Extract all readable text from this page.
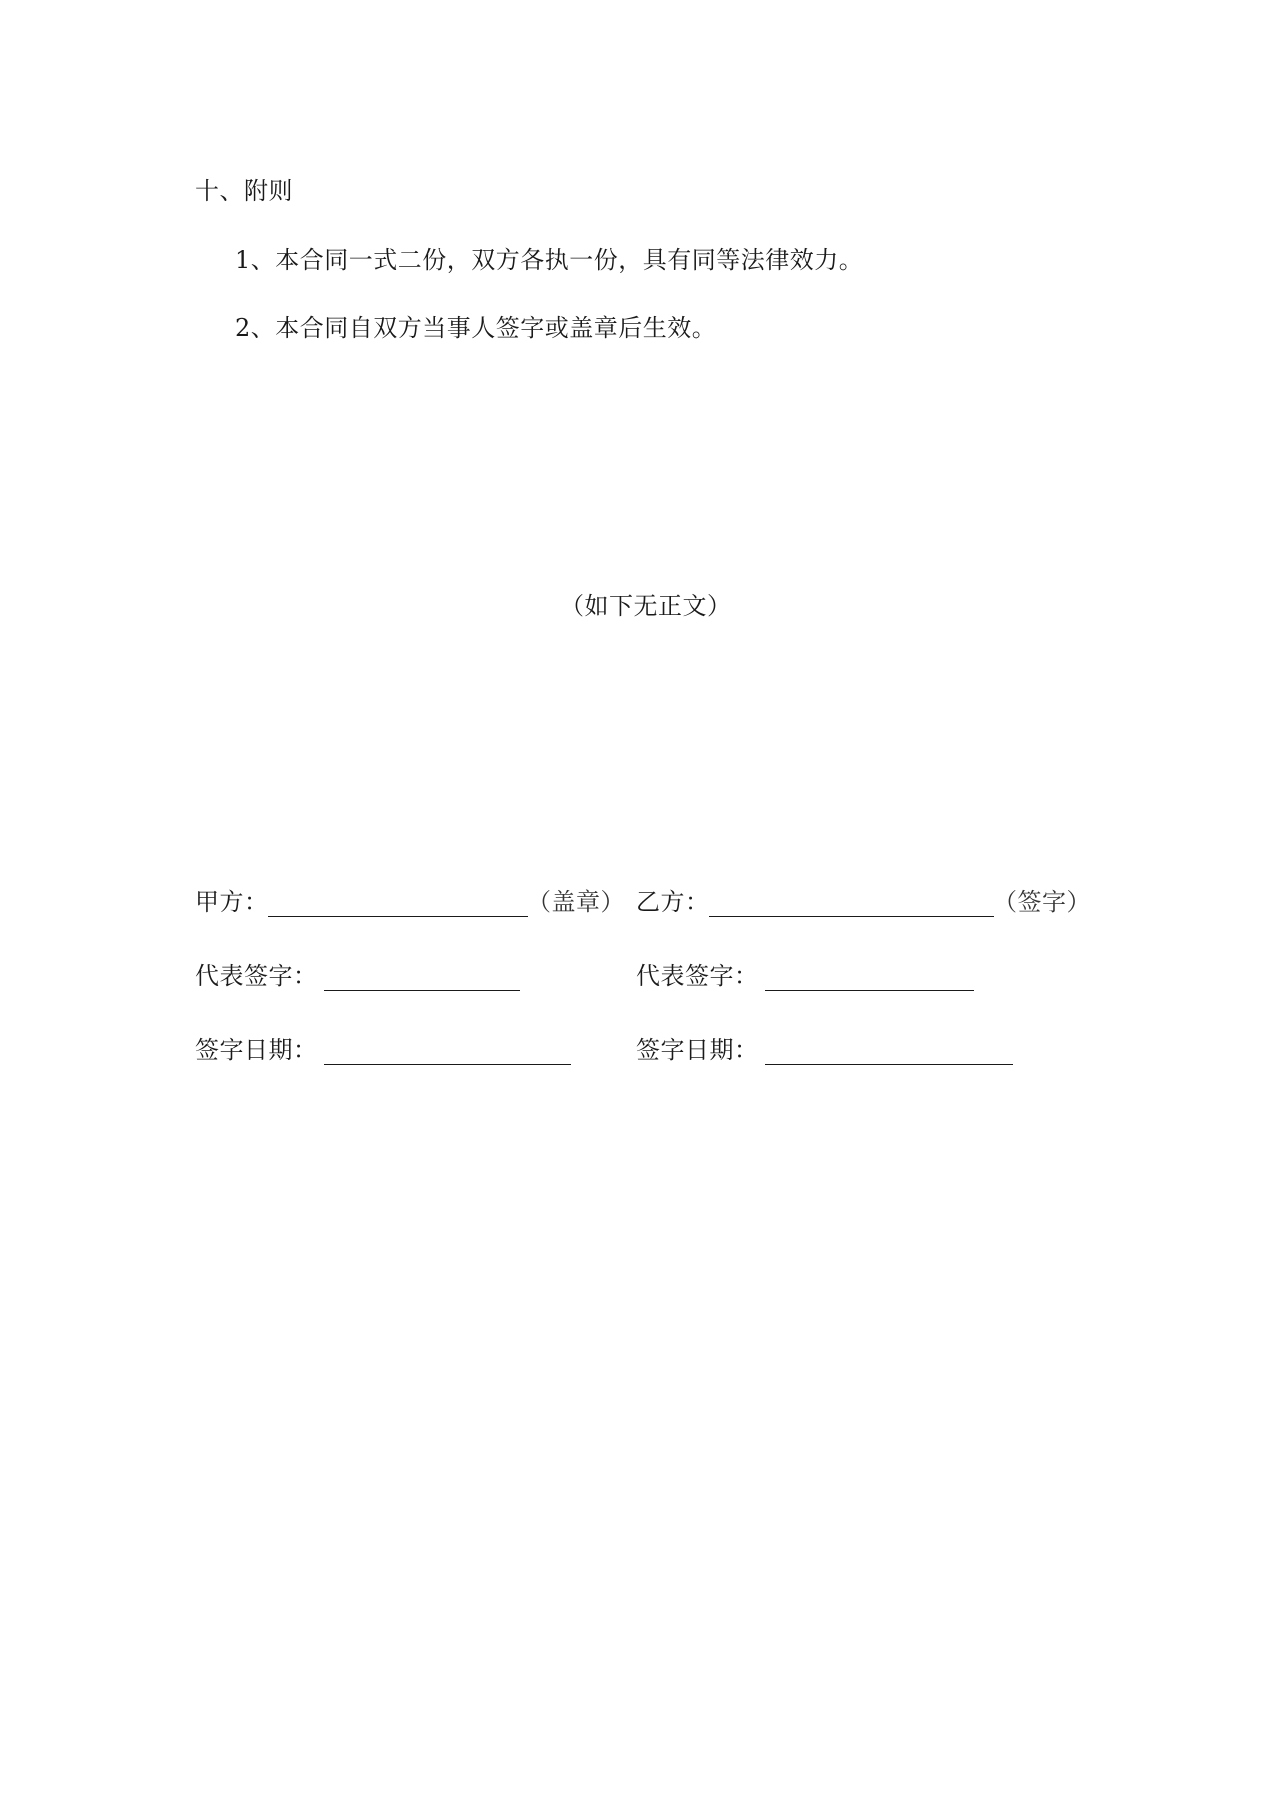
十、附则
1、本合同一式二份，双方各执一份，具有同等法律效力。
2、本合同自双方当事人签字或盖章后生效。
（如下无正文）
甲方：	（盖章） 乙方：	（签字）
代表签字：	代表签字：
签字日期：	签字日期：
